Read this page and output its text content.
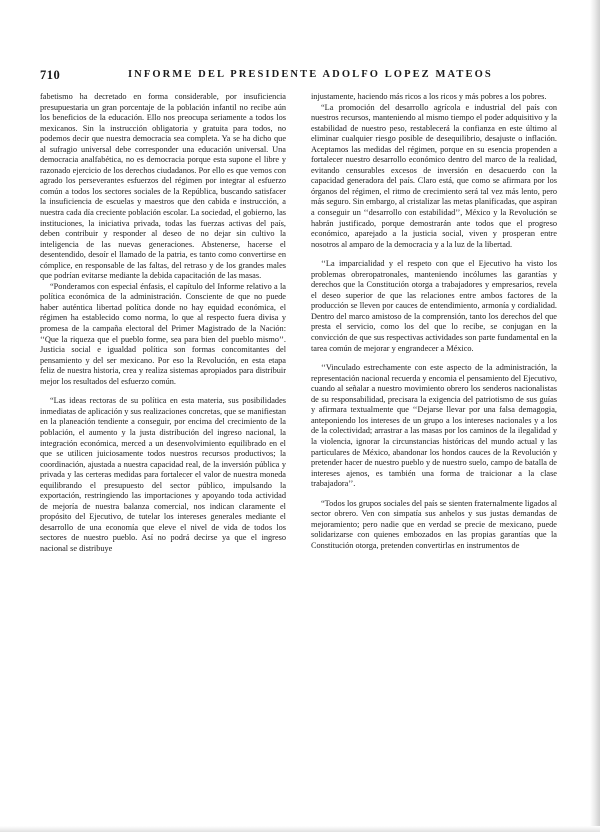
710	INFORME DEL PRESIDENTE ADOLFO LOPEZ MATEOS

fabetismo ha decretado en forma considerable, por insuficiencia presupuestaria un gran porcentaje de la población infantil no recibe aún los beneficios de la educación. Ello nos preocupa seriamente a todos los mexicanos. Sin la instrucción obligatoria y gratuita para todos, no podemos decir que nuestra democracia sea completa. Ya se ha dicho que al sufragio universal debe corresponder una educación universal. Una democracia analfabética, no es democracia porque esta supone el libre y razonado ejercicio de los derechos ciudadanos. Por ello es que vemos con agrado los perseverantes esfuerzos del régimen por integrar al esfuerzo común a todos los sectores sociales de la República, buscando satisfacer la insuficiencia de escuelas y maestros que den cabida e instrucción, a nuestra cada día creciente población escolar. La sociedad, el gobierno, las instituciones, la iniciativa privada, todas las fuerzas activas del país, deben contribuir y responder al deseo de no dejar sin cultivo la inteligencia de las nuevas generaciones. Abstenerse, hacerse el desentendido, desoír el llamado de la patria, es tanto como convertirse en cómplice, en responsable de las faltas, del retraso y de los grandes males que podrían evitarse mediante la debida capacitación de las masas.

“Ponderamos con especial énfasis, el capítulo del Informe relativo a la política económica de la administración. Consciente de que no puede haber auténtica libertad política donde no hay equidad económica, el régimen ha establecido como norma, lo que al respecto fuera divisa y promesa de la campaña electoral del Primer Magistrado de la Nación: ‘‘Que la riqueza que el pueblo forme, sea para bien del pueblo mismo’’. Justicia social e igualdad política son formas concomitantes del pensamiento y del ser mexicano. Por eso la Revolución, en esta etapa feliz de nuestra historia, crea y realiza sistemas apropiados para distribuir mejor los resultados del esfuerzo común.

“Las ideas rectoras de su política en esta materia, sus posibilidades inmediatas de aplicación y sus realizaciones concretas, que se manifiestan en la planeación tendiente a conseguir, por encima del crecimiento de la población, el aumento y la justa distribución del ingreso nacional, la integración económica, merced a un desenvolvimiento equilibrado en el que se utilicen juiciosamente todos nuestros recursos productivos; la coordinación, ajustada a nuestra capacidad real, de la inversión pública y privada y las certeras medidas para fortalecer el valor de nuestra moneda equilibrando el presupuesto del sector público, impulsando la exportación, restringiendo las importaciones y apoyando toda actividad de mejoría de nuestra balanza comercial, nos indican claramente el propósito del Ejecutivo, de tutelar los intereses generales mediante el desarrollo de una economía que eleve el nivel de vida de todos los sectores de nuestro pueblo. Así no podrá decirse ya que el ingreso nacional se distribuye

injustamente, haciendo más ricos a los ricos y más pobres a los pobres.

“La promoción del desarrollo agrícola e industrial del país con nuestros recursos, manteniendo al mismo tiempo el poder adquisitivo y la estabilidad de nuestro peso, restablecerá la confianza en este último al eliminar cualquier riesgo posible de desequilibrio, desajuste o inflación. Aceptamos las medidas del régimen, porque en su esencia propenden a fortalecer nuestro desarrollo económico dentro del marco de la realidad, evitando censurables excesos de inversión en desacuerdo con la capacidad generadora del país. Claro está, que como se afirmara por los órganos del régimen, el ritmo de crecimiento será tal vez más lento, pero más seguro. Sin embargo, al cristalizar las metas planificadas, que aspiran a conseguir un ‘‘desarrollo con estabilidad’’, México y la Revolución se habrán justificado, porque demostrarán ante todos que el progreso económico, aparejado a la justicia social, viven y prosperan entre nosotros al amparo de la democracia y a la luz de la libertad.

‘‘La imparcialidad y el respeto con que el Ejecutivo ha visto los problemas obreropatronales, manteniendo incólumes las garantías y derechos que la Constitución otorga a trabajadores y empresarios, revela el deseo superior de que las relaciones entre ambos factores de la producción se lleven por cauces de entendimiento, armonía y cordialidad. Dentro del marco amistoso de la comprensión, tanto los derechos del que presta el servicio, como los del que lo recibe, se conjugan en la convicción de que sus respectivas actividades son parte fundamental en la tarea común de mejorar y engrandecer a México.

‘‘Vinculado estrechamente con este aspecto de la administración, la representación nacional recuerda y encomia el pensamiento del Ejecutivo, cuando al señalar a nuestro movimiento obrero los senderos nacionalistas de su responsabilidad, precisara la exigencia del patriotismo de sus guías y afirmara textualmente que ‘‘Dejarse llevar por una falsa demagogia, anteponiendo los intereses de un grupo a los intereses nacionales y a los de la colectividad; arrastrar a las masas por los caminos de la ilegalidad y la violencia, ignorar la circunstancias históricas del mundo actual y las particulares de México, abandonar los hondos cauces de la Revolución y pretender hacer de nuestro pueblo y de nuestro suelo, campo de batalla de intereses ajenos, es también una forma de traicionar a la clase trabajadora’’.

“Todos los grupos sociales del país se sienten fraternalmente ligados al sector obrero. Ven con simpatía sus anhelos y sus justas demandas de mejoramiento; pero nadie que en verdad se precie de mexicano, puede solidarizarse con quienes embozados en las propias garantías que la Constitución otorga, pretenden convertirlas en instrumentos de
